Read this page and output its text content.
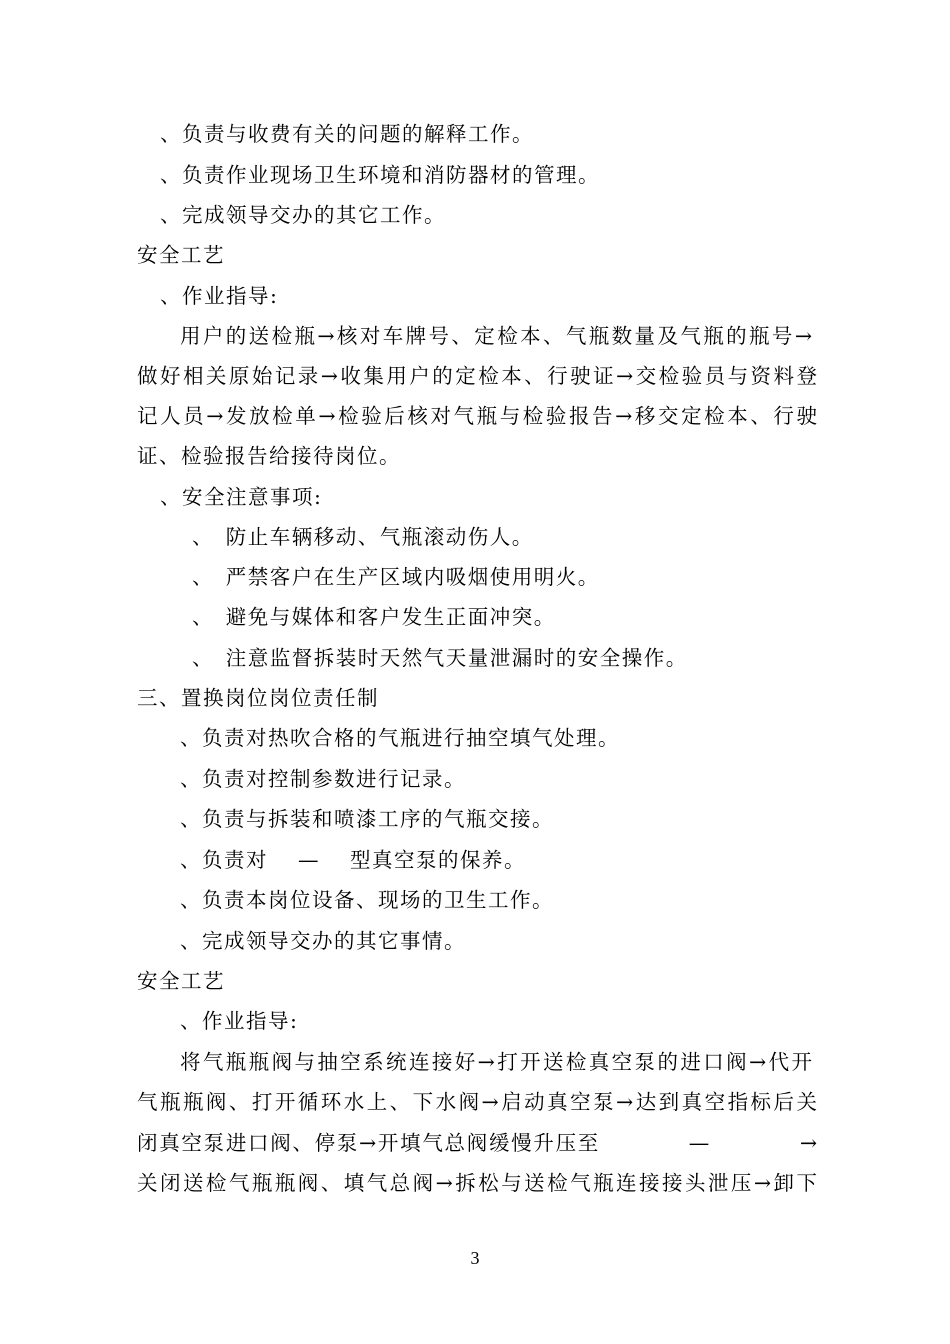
、负责与收费有关的问题的解释工作。
、负责作业现场卫生环境和消防器材的管理。
、完成领导交办的其它工作。
安全工艺
、作业指导:
用户的送检瓶→核对车牌号、定检本、气瓶数量及气瓶的瓶号→
做好相关原始记录→收集用户的定检本、行驶证→交检验员与资料登
记人员→发放检单→检验后核对气瓶与检验报告→移交定检本、行驶
证、检验报告给接待岗位。
、安全注意事项:
、　防止车辆移动、气瓶滚动伤人。
、　严禁客户在生产区域内吸烟使用明火。
、　避免与媒体和客户发生正面冲突。
、　注意监督拆装时天然气天量泄漏时的安全操作。
三、置换岗位岗位责任制
、负责对热吹合格的气瓶进行抽空填气处理。
、负责对控制参数进行记录。
、负责与拆装和喷漆工序的气瓶交接。
、负责对　 —　 型真空泵的保养。
、负责本岗位设备、现场的卫生工作。
、完成领导交办的其它事情。
安全工艺
、作业指导:
将气瓶瓶阀与抽空系统连接好→打开送检真空泵的进口阀→代开
气瓶瓶阀、打开循环水上、下水阀→启动真空泵→达到真空指标后关
闭真空泵进口阀、停泵→开填气总阀缓慢升压至　　　　—　　　　→
关闭送检气瓶瓶阀、填气总阀→拆松与送检气瓶连接接头泄压→卸下
3
